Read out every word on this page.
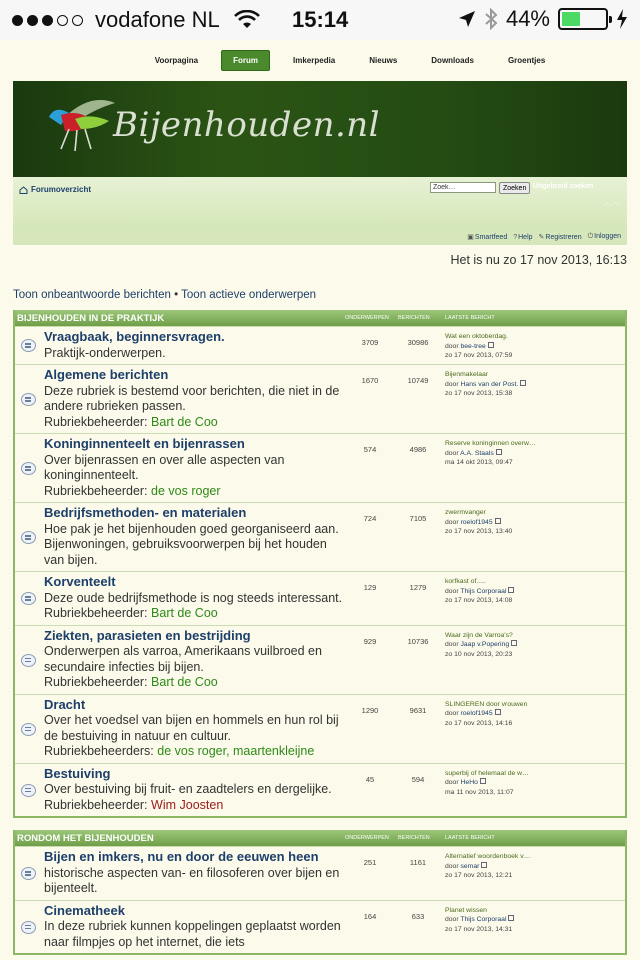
vodafone NL	15:14	44%
Voorpagina	Forum	Imkerpedia	Nieuws	Downloads	Groentjes
Bijenhouden.nl
Forumoverzicht
Zoek…	Zoeken Uitgebreid zoeken
︿︿
▣Smartfeed ?Help ✎Registreren ⏻Inloggen
Het is nu zo 17 nov 2013, 16:13
Toon onbeantwoorde berichten • Toon actieve onderwerpen
BIJENHOUDEN IN DE PRAKTIJK	ONDERWERPEN BERICHTEN	LAATSTE BERICHT
Vraagbaak, beginnersvragen.
Praktijk-onderwerpen.
3709	30986
Wat een oktoberdag.
door bee-tree
zo 17 nov 2013, 07:59
Algemene berichten
Deze rubriek is bestemd voor berichten, die niet in de andere rubrieken passen.
Rubriekbeheerder: Bart de Coo
1670	10749
Bijenmakelaar
door Hans van der Post.
zo 17 nov 2013, 15:38
Koninginnenteelt en bijenrassen
Over bijenrassen en over alle aspecten van koninginnenteelt.
Rubriekbeheerder: de vos roger
574	4986
Reserve koninginnen overw…
door A.A. Staals
ma 14 okt 2013, 09:47
Bedrijfsmethoden- en materialen
Hoe pak je het bijenhouden goed georganiseerd aan. Bijenwoningen, gebruiksvoorwerpen bij het houden van bijen.
724	7105
zwermvanger
door roelof1945
zo 17 nov 2013, 13:40
Korventeelt
Deze oude bedrijfsmethode is nog steeds interessant.
Rubriekbeheerder: Bart de Coo
129	1279
korfkast of.....
door Thijs Corporaal
zo 17 nov 2013, 14:08
Ziekten, parasieten en bestrijding
Onderwerpen als varroa, Amerikaans vuilbroed en secundaire infecties bij bijen.
Rubriekbeheerder: Bart de Coo
929	10736
Waar zijn de Varroa's?
door Jaap v.Popering
zo 10 nov 2013, 20:23
Dracht
Over het voedsel van bijen en hommels en hun rol bij de bestuiving in natuur en cultuur.
Rubriekbeheerders: de vos roger, maartenkleijne
1290	9631
SLINGEREN door vrouwen
door roelof1945
zo 17 nov 2013, 14:16
Bestuiving
Over bestuiving bij fruit- en zaadtelers en dergelijke.
Rubriekbeheerder: Wim Joosten
45	594
superbij of helemaal de w…
door HeHo
ma 11 nov 2013, 11:07
RONDOM HET BIJENHOUDEN	ONDERWERPEN BERICHTEN	LAATSTE BERICHT
Bijen en imkers, nu en door de eeuwen heen
historische aspecten van- en filosoferen over bijen en bijenteelt.
251	1161
Alternatief woordenboek v…
door semar
zo 17 nov 2013, 12:21
Cinematheek
In deze rubriek kunnen koppelingen geplaatst worden naar filmpjes op het internet, die iets
164	633
Planet wissen
door Thijs Corporaal
zo 17 nov 2013, 14:31
